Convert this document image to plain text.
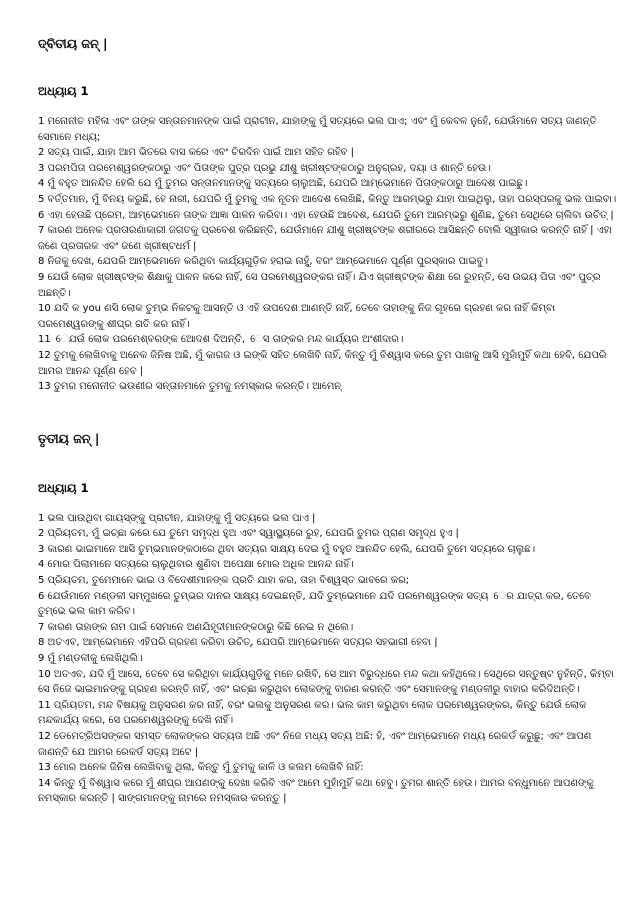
ଦ୍ବିତୀୟ ଜନ୍ |
ଅଧ୍ୟାୟ 1
1 ମନୋନୀତ ମହିଳା ଏବଂ ତାଙ୍କ ସନ୍ତାନମାନଙ୍କ ପାଇଁ ପ୍ରାଚୀନ, ଯାହାଙ୍କୁ ମୁଁ ସତ୍ୟରେ ଭଲ ପାଏ; ଏବଂ ମୁଁ କେବଳ ନୁହେଁ, ଯେଉଁମାନେ ସତ୍ୟ ଜାଣନ୍ତି ସେମାନେ ମଧ୍ୟ;
2 ସତ୍ୟ ପାଇଁ, ଯାହା ଆମ ଭିତରେ ବାସ କରେ ଏବଂ ଚିରଦିନ ପାଇଁ ଆମ ସହିତ ରହିବ |
3 ପରମପିତା ପରମେଶ୍ୱରଙ୍କଠାରୁ ଏବଂ ପିତାଙ୍କ ପୁତ୍ର ପ୍ରଭୁ ଯୀଶୁ ଖ୍ରୀଷ୍ଟଙ୍କଠାରୁ ଅନୁଗ୍ରହ, ଦୟା ଓ ଶାନ୍ତି ହେଉ।
4 ମୁଁ ବହୁତ ଆନନ୍ଦିତ ହେଲି ଯେ ମୁଁ ତୁମର ସନ୍ତାନମାନଙ୍କୁ ସତ୍ୟରେ ଚାଲୁଅଛି, ଯେପରି ଆମ୍ଭେମାନେ ପିତାଙ୍କଠାରୁ ଆଦେଶ ପାଇଛୁ।
5 ବର୍ତ୍ତମାନ, ମୁଁ ବିନୟ କରୁଛି, ହେ ନାରୀ, ଯେପରି ମୁଁ ତୁମକୁ ଏକ ନୂତନ ଆଦେଶ ଲେଖିଛି, କିନ୍ତୁ ଆରମ୍ଭରୁ ଯାହା ପାଇଥିଲୁ, ତାହା ପରସ୍ପରକୁ ଭଲ ପାଇବା।
6 ଏହା ହେଉଛି ପ୍ରେମ, ଆମ୍ଭେମାନେ ତାଙ୍କ ଆଜ୍ଞା ପାଳନ କରିବା। ଏହା ହେଉଛି ଆଦେଶ, ଯେପରି ତୁମେ ଆରମ୍ଭରୁ ଶୁଣିଛ, ତୁମେ ସେଥିରେ ଚାଲିବା ଉଚିତ୍ |
7 କାରଣ ଅନେକ ପ୍ରତାରଣାକାରୀ ଜଗତକୁ ପ୍ରବେଶ କରିଛନ୍ତି, ଯେଉଁମାନେ ଯୀଶୁ ଖ୍ରୀଷ୍ଟଙ୍କ ଶରୀରରେ ଆସିଛନ୍ତି ବୋଲି ସ୍ୱୀକାର କରନ୍ତି ନାହିଁ | ଏହା ଜଣେ ପ୍ରତାରକ ଏବଂ ଜଣେ ଖ୍ରୀଷ୍ଟଧର୍ମ |
8 ନିଜକୁ ଦେଖ, ଯେପରି ଆମ୍ଭେମାନେ କରିଥିବା କାର୍ଯ୍ୟଗୁଡ଼ିକ ହରାଇ ନାହୁଁ, ବରଂ ଆମ୍ଭେମାନେ ପୂର୍ଣ୍ଣ ପୁରସ୍କାର ପାଇବୁ।
9 ଯେଉଁ ଲୋକ ଖ୍ରୀଷ୍ଟଙ୍କ ଶିକ୍ଷାକୁ ପାଳନ କରେ ନାହିଁ, ସେ ପରମେଶ୍ୱରଙ୍କର ନାହିଁ। ଯିଏ ଖ୍ରୀଷ୍ଟଙ୍କ ଶିକ୍ଷା ରେ ରୁହନ୍ତି, ସେ ଉଭୟ ପିତା ଏବଂ ପୁତ୍ର ଅଛନ୍ତି।
10 ଯଦି କ you ଣସି ଲୋକ ତୁମ୍ଭ ନିକଟକୁ ଆସନ୍ତି ଓ ଏହି ଉପଦେଶ ଆଣନ୍ତି ନାହିଁ, ତେବେ ତାହାଙ୍କୁ ନିଜ ଗୃହରେ ଗ୍ରହଣ କର ନାହିଁ କିମ୍ବା ପରମେଶ୍ୱରଙ୍କୁ ଶୀଘ୍ର ଗତି କର ନାହିଁ।
11 େଯଉଁ ଲୋକ ପରମେଶ୍ବରଙ୍କ ଆେଦଶ ଦିଅନ୍ତି, େସ ତାଙ୍କର ମନ୍ଦ କାର୍ଯ୍ୟର ଅଂଶୀଦାର।
12 ତୁମକୁ ଲେଖିବାକୁ ଅନେକ ଜିନିଷ ଅଛି, ମୁଁ କାଗଜ ଓ ଇଙ୍କି ସହିତ ଲେଖିବି ନାହିଁ, କିନ୍ତୁ ମୁଁ ବିଶ୍ୱାସ କରେ ତୁମ ପାଖକୁ ଆସି ମୁହାଁମୁହିଁ କଥା ହେବି, ଯେପରି ଆମର ଆନନ୍ଦ ପୂର୍ଣ୍ଣ ହେବ |
13 ତୁମର ମନୋନୀତ ଭଉଣୀର ସନ୍ତାନମାନେ ତୁମକୁ ନମସ୍କାର କରନ୍ତି। ଆମେନ୍
ତୃତୀୟ ଜନ୍ |
ଅଧ୍ୟାୟ 1
1 ଭଲ ପାଉଥିବା ଗାୟସ୍ଙ୍କୁ ପ୍ରାଚୀନ, ଯାହାଙ୍କୁ ମୁଁ ସତ୍ୟରେ ଭଲ ପାଏ |
2 ପ୍ରିୟତମ, ମୁଁ ଇଚ୍ଛା କରେ ଯେ ତୁମେ ସମୃଦ୍ଧ ହୁଅ ଏବଂ ସ୍ୱାସ୍ଥ୍ୟରେ ରୁହ, ଯେପରି ତୁମର ପ୍ରାଣ ସମୃଦ୍ଧ ହୁଏ |
3 କାରଣ ଭାଇମାନେ ଆସି ତୁମ୍ଭମାନଙ୍କଠାରେ ଥିବା ସତ୍ୟର ସାକ୍ଷ୍ୟ ଦେଇ ମୁଁ ବହୁତ ଆନନ୍ଦିତ ହେଲି, ଯେପରି ତୁମେ ସତ୍ୟରେ ଚାଲୁଛ।
4 ମୋର ପିଲାମାନେ ସତ୍ୟରେ ଚାଲୁଥିବାର ଶୁଣିବା ଅପେକ୍ଷା ମୋର ଅଧିକ ଆନନ୍ଦ ନାହିଁ।
5 ପ୍ରିୟତମ, ତୁମେମାନେ ଭାଇ ଓ ବିଦେଶୀମାନଙ୍କ ପ୍ରତି ଯାହା କର, ତାହା ବିଶ୍ୱସ୍ତ ଭାବରେ କର;
6 ଯେଉଁମାନେ ମଣ୍ଡଳୀ ସମ୍ମୁଖରେ ତୁମ୍ଭର ଦାନର ସାକ୍ଷ୍ୟ ଦେଇଛନ୍ତି, ଯଦି ତୁମ୍ଭେମାନେ ଯଦି ପରମେଶ୍ୱରଙ୍କ ସତ୍ୟ େର ଯାତ୍ରା କର, ତେବେ ତୁମ୍ଭେ ଭଲ କାମ କରିବ।
7 କାରଣ ତାହାଙ୍କ ନାମ ପାଇଁ ସେମାନେ ଅଣଯିହୂଦୀମାନଙ୍କଠାରୁ କିଛି ନେଇ ନ ଥିଲେ।
8 ଅତଏବ, ଆମ୍ଭେମାନେ ଏହିପରି ଗ୍ରହଣ କରିବା ଉଚିତ୍, ଯେପରି ଆମ୍ଭେମାନେ ସତ୍ୟର ସହଭାଗୀ ହେବା |
9 ମୁଁ ମଣ୍ଡଳୀକୁ ଲେଖିଥିଲି।
10 ଅତଏବ, ଯଦି ମୁଁ ଆସେ, ତେବେ ସେ କରିଥିବା କାର୍ଯ୍ୟଗୁଡ଼ିକୁ ମନେ ରଖିବି, ସେ ଆମ ବିରୁଦ୍ଧରେ ମନ୍ଦ କଥା କହିଥିଲେ। ସେଥିରେ ସନ୍ତୁଷ୍ଟ ନୁହଁନ୍ତି, କିମ୍ବା ସେ ନିଜେ ଭାଇମାନଙ୍କୁ ଗ୍ରହଣ କରନ୍ତି ନାହିଁ, ଏବଂ ଇଚ୍ଛା କରୁଥିବା ଲୋକଙ୍କୁ ବାରଣ କରନ୍ତି ଏବଂ ସେମାନଙ୍କୁ ମଣ୍ଡଳୀରୁ ବାହାର କରିଦିଅନ୍ତି।
11 ପ୍ରିୟତମ, ମନ୍ଦ ବିଷୟକୁ ଅନୁସରଣ କର ନାହିଁ, ବରଂ ଭଲକୁ ଅନୁସରଣ କର। ଭଲ କାମ କରୁଥିବା ଲୋକ ପରମେଶ୍ୱରଙ୍କର, କିନ୍ତୁ ଯେଉଁ ଲୋକ ମନ୍ଦକାର୍ଯ୍ୟ କରେ, ସେ ପରମେଶ୍ୱରଙ୍କୁ ଦେଖି ନାହିଁ।
12 ଡେମେଟ୍ରିଅସଙ୍କର ସମସ୍ତ ଲୋକଙ୍କର ସତ୍ୟତା ଅଛି ଏବଂ ନିଜେ ମଧ୍ୟ ସତ୍ୟ ଅଛି: ହଁ, ଏବଂ ଆମ୍ଭେମାନେ ମଧ୍ୟ ରେକର୍ଡ କରୁଛୁ; ଏବଂ ଆପଣ ଜାଣନ୍ତି ଯେ ଆମର ରେକର୍ଡ ସତ୍ୟ ଅଟେ |
13 ମୋର ଅନେକ ଜିନିଷ ଲେଖିବାକୁ ଥିଲା, କିନ୍ତୁ ମୁଁ ତୁମକୁ କାଳି ଓ କଲମ ଲେଖିବି ନାହିଁ:
14 କିନ୍ତୁ ମୁଁ ବିଶ୍ୱାସ କରେ ମୁଁ ଶୀଘ୍ର ଆପଣଙ୍କୁ ଦେଖା କରିବି ଏବଂ ଆମେ ମୁହାଁମୁହିଁ କଥା ହେବୁ। ତୁମର ଶାନ୍ତି ହେଉ। ଆମର ବନ୍ଧୁମାନେ ଆପଣଙ୍କୁ ନମସ୍କାର କରନ୍ତି | ସାଙ୍ଗମାନଙ୍କୁ ନାମରେ ନମସ୍କାର କରନ୍ତୁ |
